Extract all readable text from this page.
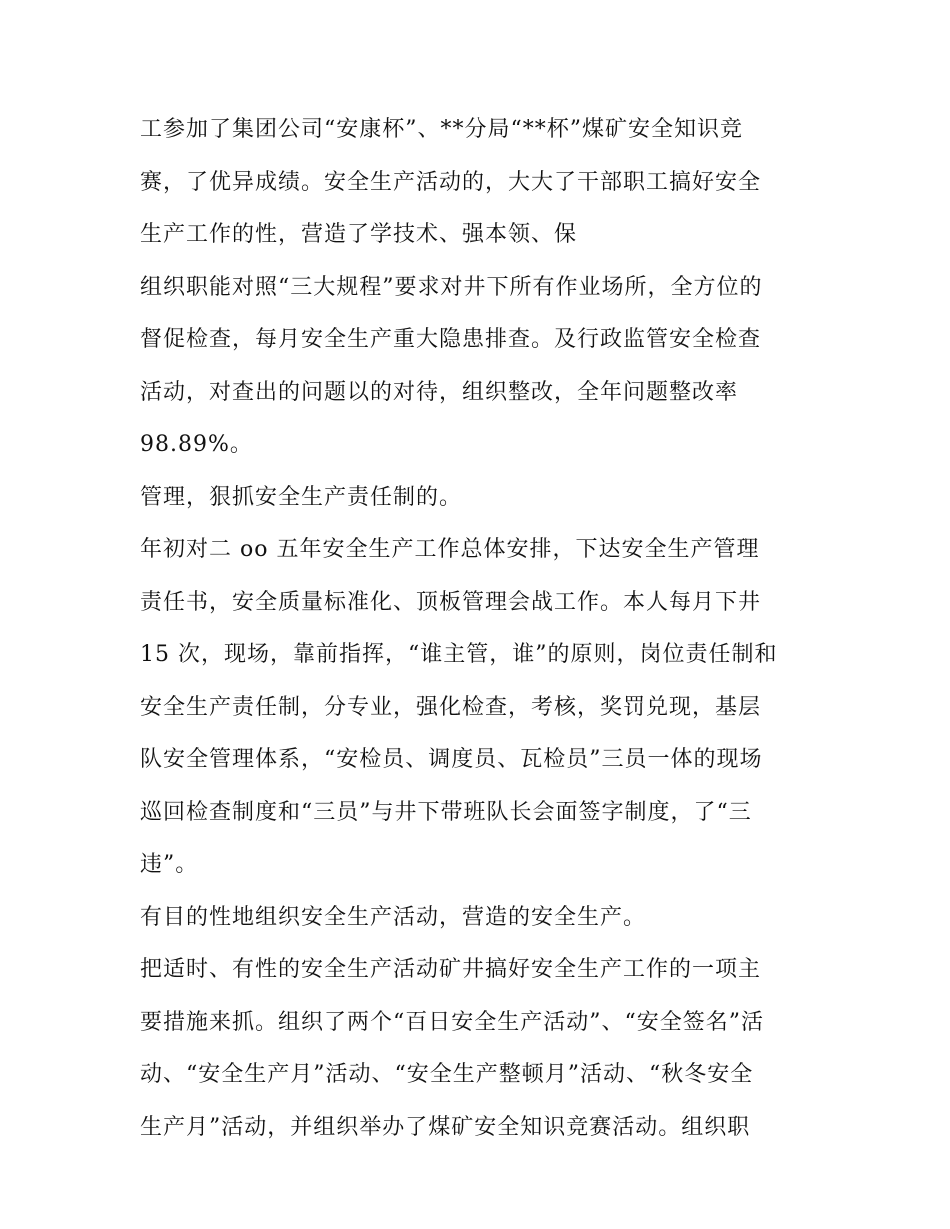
工参加了集团公司“安康杯”、**分局“**杯”煤矿安全知识竞
赛，了优异成绩。安全生产活动的，大大了干部职工搞好安全
生产工作的性，营造了学技术、强本领、保
组织职能对照“三大规程”要求对井下所有作业场所，全方位的
督促检查，每月安全生产重大隐患排查。及行政监管安全检查
活动，对查出的问题以的对待，组织整改，全年问题整改率
98.89%。
管理，狠抓安全生产责任制的。
年初对二 oo 五年安全生产工作总体安排，下达安全生产管理
责任书，安全质量标准化、顶板管理会战工作。本人每月下井
15 次，现场，靠前指挥，“谁主管，谁”的原则，岗位责任制和
安全生产责任制，分专业，强化检查，考核，奖罚兑现，基层
队安全管理体系，“安检员、调度员、瓦检员”三员一体的现场
巡回检查制度和“三员”与井下带班队长会面签字制度，了“三
违”。
有目的性地组织安全生产活动，营造的安全生产。
把适时、有性的安全生产活动矿井搞好安全生产工作的一项主
要措施来抓。组织了两个“百日安全生产活动”、“安全签名”活
动、“安全生产月”活动、“安全生产整顿月”活动、“秋冬安全
生产月”活动，并组织举办了煤矿安全知识竞赛活动。组织职
